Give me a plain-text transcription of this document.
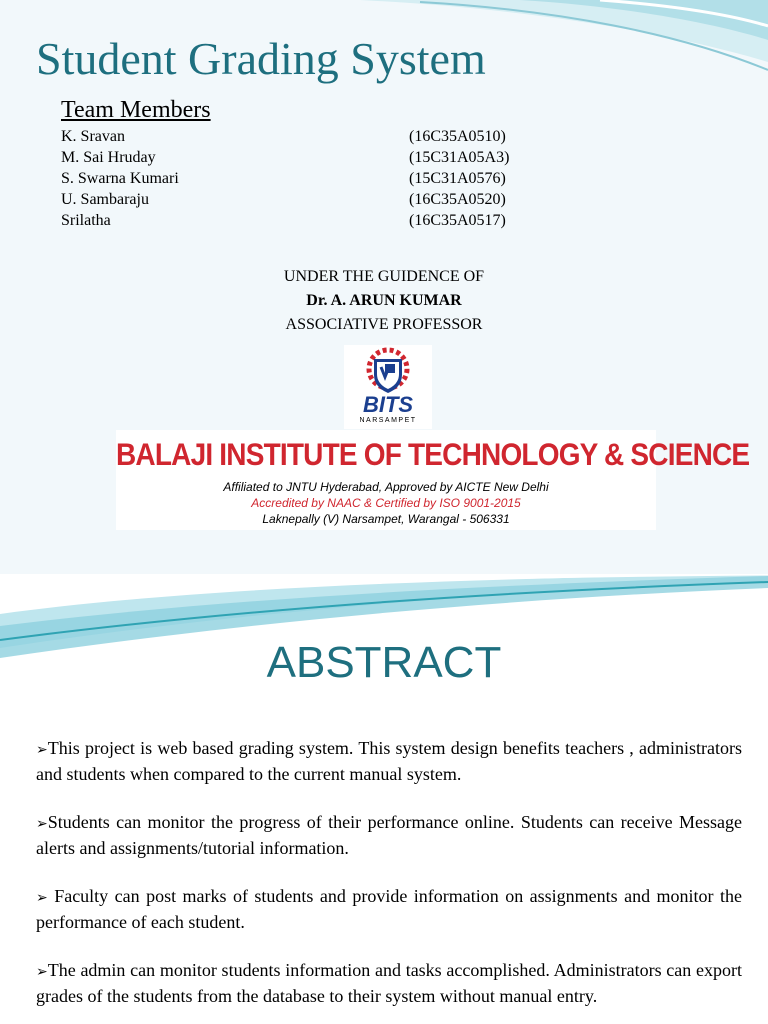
Student Grading System
Team Members
K. Sravan	(16C35A0510)
M. Sai Hruday	(15C31A05A3)
S. Swarna Kumari	(15C31A0576)
U. Sambaraju	(16C35A0520)
Srilatha	(16C35A0517)
UNDER THE GUIDENCE OF
Dr. A. ARUN KUMAR
ASSOCIATIVE PROFESSOR
BITS
NARSAMPET
BALAJI INSTITUTE OF TECHNOLOGY & SCIENCE
Affiliated to JNTU Hyderabad, Approved by AICTE New Delhi
Accredited by NAAC & Certified by ISO 9001-2015
Laknepally (V) Narsampet, Warangal - 506331
ABSTRACT
➢This project is web based grading system. This system design benefits teachers , administrators and students when compared to the current manual system.
➢Students can monitor the progress of their performance online. Students can receive Message alerts and assignments/tutorial information.
➢ Faculty can post marks of students and provide information on assignments and monitor the performance of each student.
➢The admin can monitor students information and tasks accomplished. Administrators can export grades of the students from the database to their system without manual entry.
